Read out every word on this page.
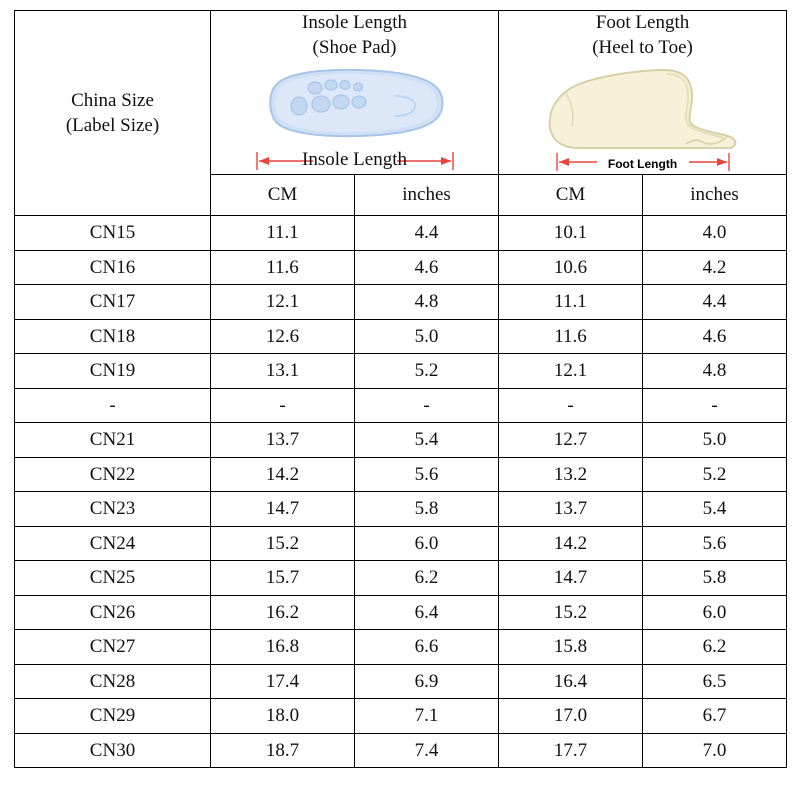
China Size
(Label Size)

Insole Length
(Shoe Pad)
Insole Length

Foot Length
(Heel to Toe)
Foot Length

	CM	inches	CM	inches
CN15	11.1	4.4	10.1	4.0
CN16	11.6	4.6	10.6	4.2
CN17	12.1	4.8	11.1	4.4
CN18	12.6	5.0	11.6	4.6
CN19	13.1	5.2	12.1	4.8
-	-	-	-	-
CN21	13.7	5.4	12.7	5.0
CN22	14.2	5.6	13.2	5.2
CN23	14.7	5.8	13.7	5.4
CN24	15.2	6.0	14.2	5.6
CN25	15.7	6.2	14.7	5.8
CN26	16.2	6.4	15.2	6.0
CN27	16.8	6.6	15.8	6.2
CN28	17.4	6.9	16.4	6.5
CN29	18.0	7.1	17.0	6.7
CN30	18.7	7.4	17.7	7.0
